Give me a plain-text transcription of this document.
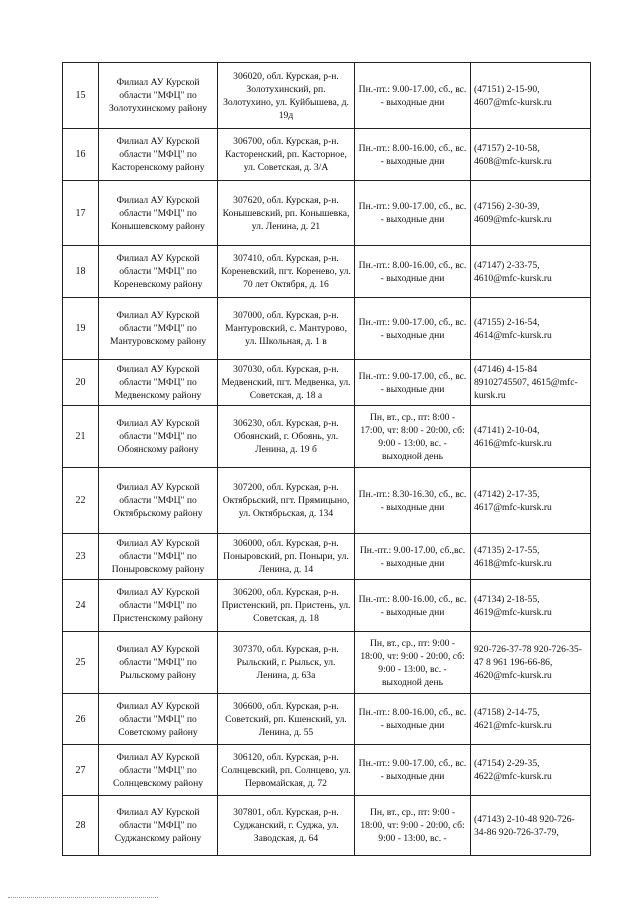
15	Филиал АУ Курской области "МФЦ" по Золотухинскому району	306020, обл. Курская, р-н. Золотухинский, рп. Золотухино, ул. Куйбышева, д. 19д	Пн.-пт.: 9.00-17.00, сб., вс. - выходные дни	(47151) 2-15-90, 4607@mfc-kursk.ru
16	Филиал АУ Курской области "МФЦ" по Касторенскому району	306700, обл. Курская, р-н. Касторенский, рп. Касторное, ул. Советская, д. 3/А	Пн.-пт.: 8.00-16.00, сб., вс. - выходные дни	(47157) 2-10-58, 4608@mfc-kursk.ru
17	Филиал АУ Курской области "МФЦ" по Конышевскому району	307620, обл. Курская, р-н. Конышевский, рп. Конышевка, ул. Ленина, д. 21	Пн.-пт.: 9.00-17.00, сб., вс. - выходные дни	(47156) 2-30-39, 4609@mfc-kursk.ru
18	Филиал АУ Курской области "МФЦ" по Кореневскому району	307410, обл. Курская, р-н. Кореневский, пгт. Коренево, ул. 70 лет Октября, д. 16	Пн.-пт.: 8.00-16.00, сб., вс. - выходные дни	(47147) 2-33-75, 4610@mfc-kursk.ru
19	Филиал АУ Курской области "МФЦ" по Мантуровскому району	307000, обл. Курская, р-н. Мантуровский, с. Мантурово, ул. Школьная, д. 1 в	Пн.-пт.: 9.00-17.00, сб., вс. - выходные дни	(47155) 2-16-54, 4614@mfc-kursk.ru
20	Филиал АУ Курской области "МФЦ" по Медвенскому району	307030, обл. Курская, р-н. Медвенский, пгт. Медвенка, ул. Советская, д. 18 а	Пн.-пт.: 9.00-17.00, сб., вс. - выходные дни	(47146) 4-15-84 89102745507, 4615@mfc-kursk.ru
21	Филиал АУ Курской области "МФЦ" по Обоянскому району	306230, обл. Курская, р-н. Обоянский, г. Обоянь, ул. Ленина, д. 19 б	Пн, вт., ср., пт: 8:00 - 17:00, чт: 8:00 - 20:00, сб: 9:00 - 13:00, вс. - выходной день	(47141) 2-10-04, 4616@mfc-kursk.ru
22	Филиал АУ Курской области "МФЦ" по Октябрьскому району	307200, обл. Курская, р-н. Октябрьский, пгт. Прямицыно, ул. Октябрьская, д. 134	Пн.-пт.: 8.30-16.30, сб., вс. - выходные дни	(47142) 2-17-35, 4617@mfc-kursk.ru
23	Филиал АУ Курской области "МФЦ" по Поныровскому району	306000, обл. Курская, р-н. Поныровский, рп. Поныри, ул. Ленина, д. 14	Пн.-пт.: 9.00-17.00, сб.,вс. - выходные дни	(47135) 2-17-55, 4618@mfc-kursk.ru
24	Филиал АУ Курской области "МФЦ" по Пристенскому району	306200, обл. Курская, р-н. Пристенский, рп. Пристень, ул. Советская, д. 18	Пн.-пт.: 8.00-16.00, сб., вс. - выходные дни	(47134) 2-18-55, 4619@mfc-kursk.ru
25	Филиал АУ Курской области "МФЦ" по Рыльскому району	307370, обл. Курская, р-н. Рыльский, г. Рыльск, ул. Ленина, д. 63а	Пн, вт., ср., пт: 9:00 - 18:00, чт: 9:00 - 20:00, сб: 9:00 - 13:00, вс. - выходной день	920-726-37-78 920-726-35-47 8 961 196-66-86, 4620@mfc-kursk.ru
26	Филиал АУ Курской области "МФЦ" по Советскому району	306600, обл. Курская, р-н. Советский, рп. Кшенский, ул. Ленина, д. 55	Пн.-пт.: 8.00-16.00, сб., вс. - выходные дни	(47158) 2-14-75, 4621@mfc-kursk.ru
27	Филиал АУ Курской области "МФЦ" по Солнцевскому району	306120, обл. Курская, р-н. Солнцевский, рп. Солнцево, ул. Первомайская, д. 72	Пн.-пт.: 9.00-17.00, сб., вс. - выходные дни	(47154) 2-29-35, 4622@mfc-kursk.ru
28	Филиал АУ Курской области "МФЦ" по Суджанскому району	307801, обл. Курская, р-н. Суджанский, г. Суджа, ул. Заводская, д. 64	Пн, вт., ср., пт: 9:00 - 18:00, чт: 9:00 - 20:00, сб: 9:00 - 13:00, вс. -	(47143) 2-10-48 920-726-34-86 920-726-37-79,
